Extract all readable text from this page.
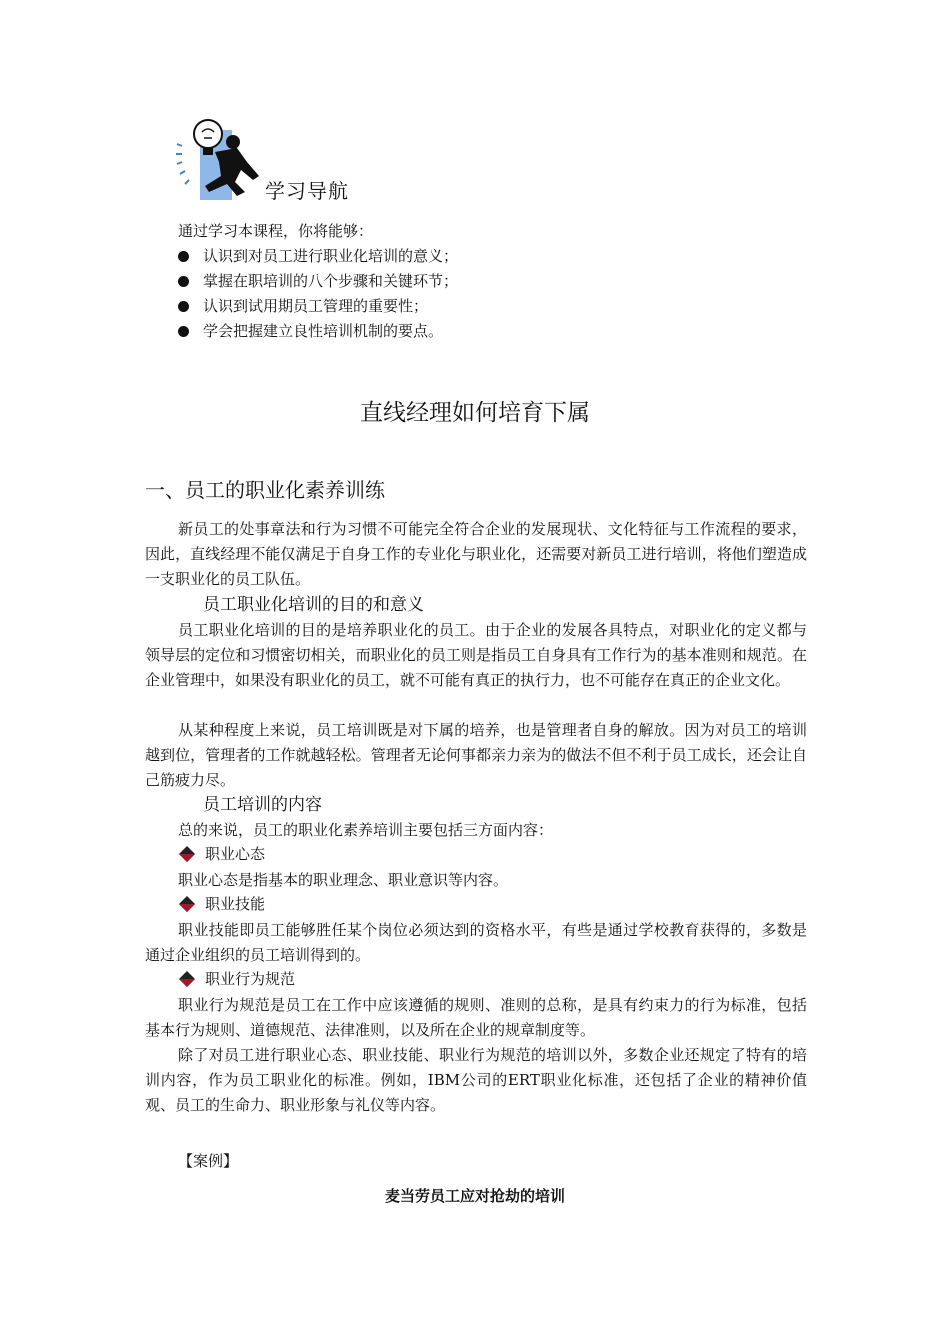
学习导航
通过学习本课程，你将能够：
认识到对员工进行职业化培训的意义；
掌握在职培训的八个步骤和关键环节；
认识到试用期员工管理的重要性；
学会把握建立良性培训机制的要点。
直线经理如何培育下属
一、员工的职业化素养训练

新员工的处事章法和行为习惯不可能完全符合企业的发展现状、文化特征与工作流程的要求，因此，直线经理不能仅满足于自身工作的专业化与职业化，还需要对新员工进行培训，将他们塑造成一支职业化的员工队伍。

员工职业化培训的目的和意义

员工职业化培训的目的是培养职业化的员工。由于企业的发展各具特点，对职业化的定义都与领导层的定位和习惯密切相关，而职业化的员工则是指员工自身具有工作行为的基本准则和规范。在企业管理中，如果没有职业化的员工，就不可能有真正的执行力，也不可能存在真正的企业文化。

从某种程度上来说，员工培训既是对下属的培养，也是管理者自身的解放。因为对员工的培训越到位，管理者的工作就越轻松。管理者无论何事都亲力亲为的做法不但不利于员工成长，还会让自己筋疲力尽。

员工培训的内容
总的来说，员工的职业化素养培训主要包括三方面内容：
职业心态
职业心态是指基本的职业理念、职业意识等内容。
职业技能

职业技能即员工能够胜任某个岗位必须达到的资格水平，有些是通过学校教育获得的，多数是通过企业组织的员工培训得到的。

职业行为规范

职业行为规范是员工在工作中应该遵循的规则、准则的总称，是具有约束力的行为标准，包括基本行为规则、道德规范、法律准则，以及所在企业的规章制度等。

除了对员工进行职业心态、职业技能、职业行为规范的培训以外，多数企业还规定了特有的培训内容，作为员工职业化的标准。例如，IBM公司的ERT职业化标准，还包括了企业的精神价值观、员工的生命力、职业形象与礼仪等内容。

【案例】
麦当劳员工应对抢劫的培训
